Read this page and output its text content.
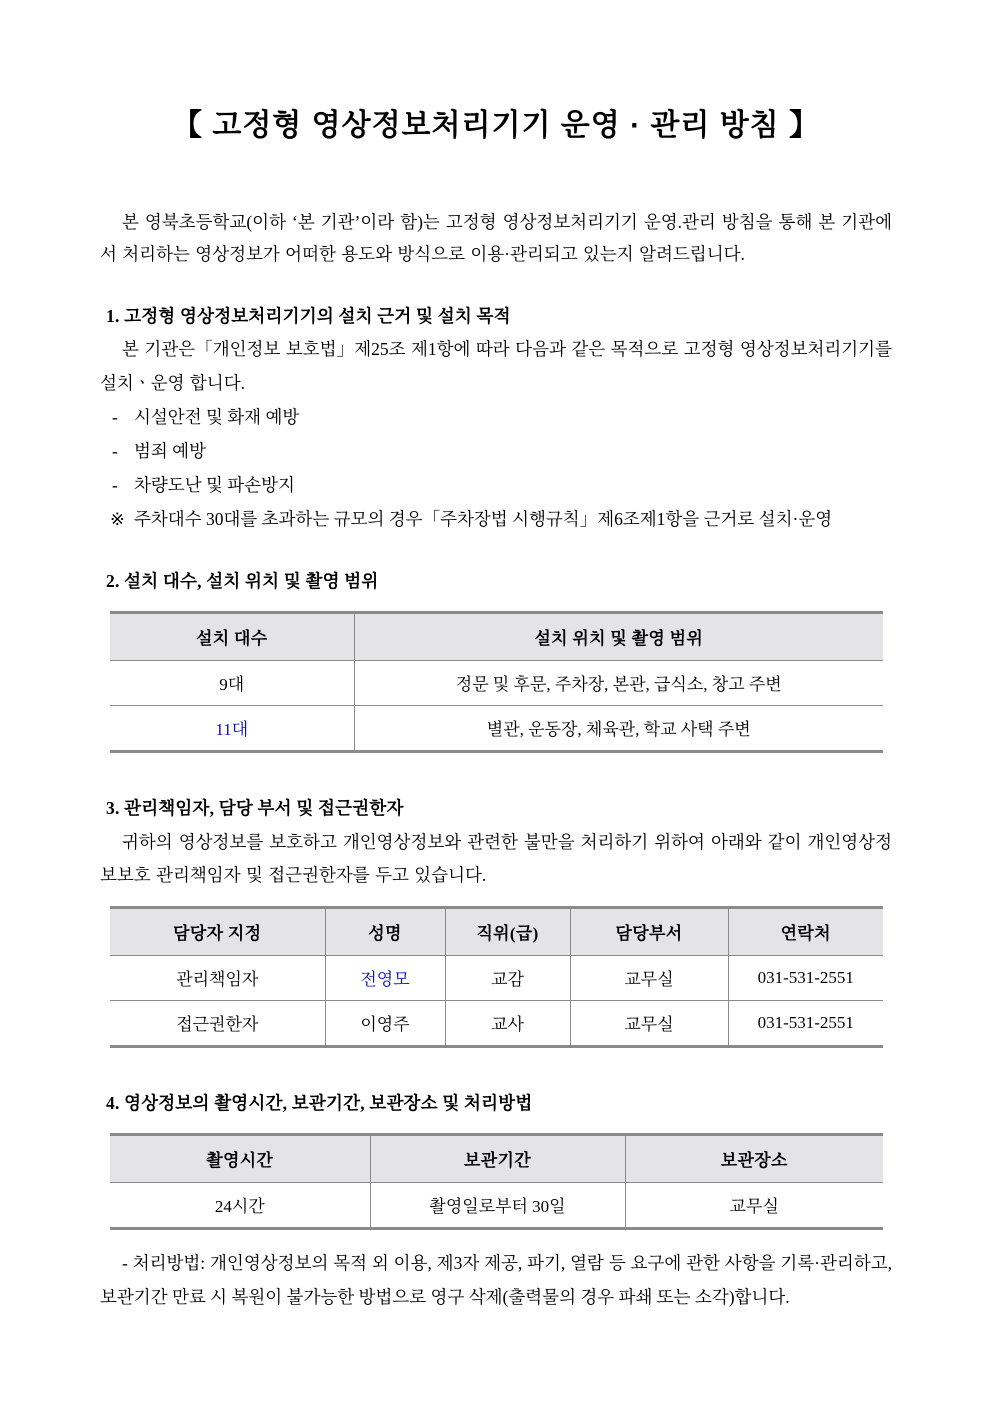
【 고정형 영상정보처리기기 운영 · 관리 방침 】

본 영북초등학교(이하 ‘본 기관’이라 함)는 고정형 영상정보처리기기 운영.관리 방침을 통해 본 기관에서 처리하는 영상정보가 어떠한 용도와 방식으로 이용·관리되고 있는지 알려드립니다.

1. 고정형 영상정보처리기기의 설치 근거 및 설치 목적

본 기관은「개인정보 보호법」제25조 제1항에 따라 다음과 같은 목적으로 고정형 영상정보처리기기를 설치ㆍ운영 합니다.

- 시설안전 및 화재 예방
- 범죄 예방
- 차량도난 및 파손방지

※ 주차대수 30대를 초과하는 규모의 경우「주차장법 시행규칙」제6조제1항을 근거로 설치·운영

2. 설치 대수, 설치 위치 및 촬영 범위
설치 대수	설치 위치 및 촬영 범위
9대	정문 및 후문, 주차장, 본관, 급식소, 창고 주변
11대	별관, 운동장, 체육관, 학교 사택 주변
3. 관리책임자, 담당 부서 및 접근권한자

귀하의 영상정보를 보호하고 개인영상정보와 관련한 불만을 처리하기 위하여 아래와 같이 개인영상정보보호 관리책임자 및 접근권한자를 두고 있습니다.

담당자 지정	성명	직위(급)	담당부서	연락처
관리책임자	전영모	교감	교무실	031-531-2551
접근권한자	이영주	교사	교무실	031-531-2551
4. 영상정보의 촬영시간, 보관기간, 보관장소 및 처리방법
촬영시간	보관기간	보관장소
24시간	촬영일로부터 30일	교무실

- 처리방법: 개인영상정보의 목적 외 이용, 제3자 제공, 파기, 열람 등 요구에 관한 사항을 기록·관리하고, 보관기간 만료 시 복원이 불가능한 방법으로 영구 삭제(출력물의 경우 파쇄 또는 소각)합니다.
